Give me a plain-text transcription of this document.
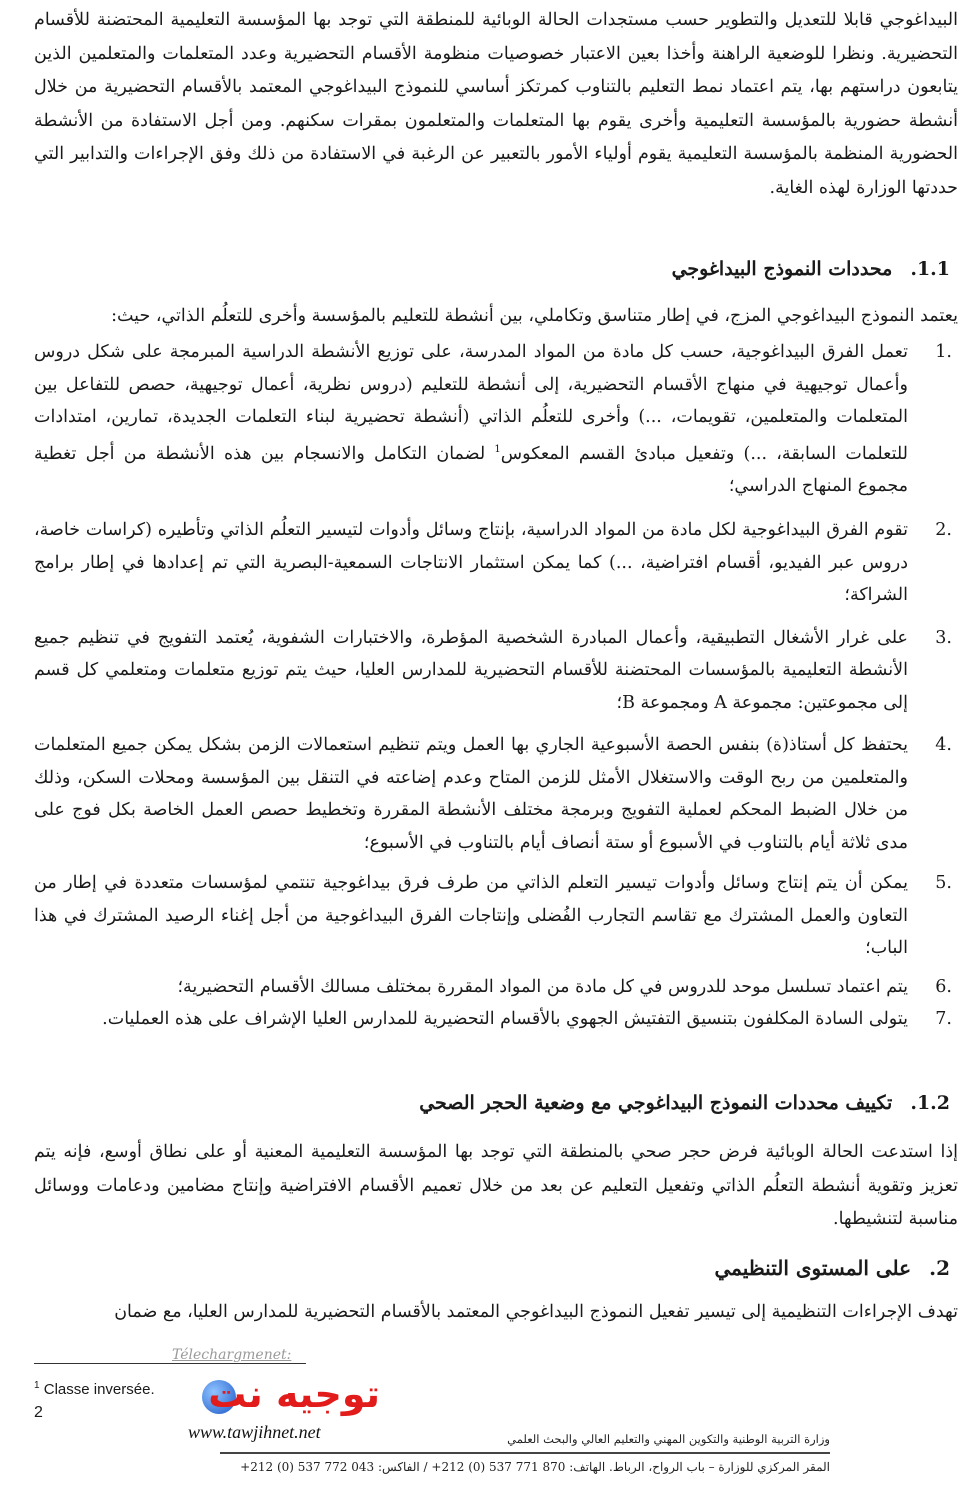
البيداغوجي قابلا للتعديل والتطوير حسب مستجدات الحالة الوبائية للمنطقة التي توجد بها المؤسسة التعليمية المحتضنة للأقسام التحضيرية. ونظرا للوضعية الراهنة وأخذا بعين الاعتبار خصوصيات منظومة الأقسام التحضيرية وعدد المتعلمات والمتعلمين الذين يتابعون دراستهم بها، يتم اعتماد نمط التعليم بالتناوب كمرتكز أساسي للنموذج البيداغوجي المعتمد بالأقسام التحضيرية من خلال أنشطة حضورية بالمؤسسة التعليمية وأخرى يقوم بها المتعلمات والمتعلمون بمقرات سكنهم. ومن أجل الاستفادة من الأنشطة الحضورية المنظمة بالمؤسسة التعليمية يقوم أولياء الأمور بالتعبير عن الرغبة في الاستفادة من ذلك وفق الإجراءات والتدابير التي حددتها الوزارة لهذه الغاية.

1.1.محددات النموذج البيداغوجي

يعتمد النموذج البيداغوجي المزج، في إطار متناسق وتكاملي، بين أنشطة للتعليم بالمؤسسة وأخرى للتعلُم الذاتي، حيث:

.1
تعمل الفرق البيداغوجية، حسب كل مادة من المواد المدرسة، على توزيع الأنشطة الدراسية المبرمجة على شكل دروس وأعمال توجيهية في منهاج الأقسام التحضيرية، إلى أنشطة للتعليم (دروس نظرية، أعمال توجيهية، حصص للتفاعل بين المتعلمات والمتعلمين، تقويمات، ...) وأخرى للتعلُم الذاتي (أنشطة تحضيرية لبناء التعلمات الجديدة، تمارين، امتدادات للتعلمات السابقة، ...) وتفعيل مبادئ القسم المعكوس$^1$ لضمان التكامل والانسجام بين هذه الأنشطة من أجل تغطية مجموع المنهاج الدراسي؛
.2
تقوم الفرق البيداغوجية لكل مادة من المواد الدراسية، بإنتاج وسائل وأدوات لتيسير التعلُم الذاتي وتأطيره (كراسات خاصة، دروس عبر الفيديو، أقسام افتراضية، ...) كما يمكن استثمار الانتاجات السمعية-البصرية التي تم إعدادها في إطار برامج الشراكة؛
.3
على غرار الأشغال التطبيقية، وأعمال المبادرة الشخصية المؤطرة، والاختبارات الشفوية، يُعتمد التفويج في تنظيم جميع الأنشطة التعليمية بالمؤسسات المحتضنة للأقسام التحضيرية للمدارس العليا، حيث يتم توزيع متعلمات ومتعلمي كل قسم إلى مجموعتين: مجموعة A ومجموعة B؛
.4
يحتفظ كل أستاذ(ة) بنفس الحصة الأسبوعية الجاري بها العمل ويتم تنظيم استعمالات الزمن بشكل يمكن جميع المتعلمات والمتعلمين من ربح الوقت والاستغلال الأمثل للزمن المتاح وعدم إضاعته في التنقل بين المؤسسة ومحلات السكن، وذلك من خلال الضبط المحكم لعملية التفويج وبرمجة مختلف الأنشطة المقررة وتخطيط حصص العمل الخاصة بكل فوج على مدى ثلاثة أيام بالتناوب في الأسبوع أو ستة أنصاف أيام بالتناوب في الأسبوع؛
.5
يمكن أن يتم إنتاج وسائل وأدوات تيسير التعلم الذاتي من طرف فرق بيداغوجية تنتمي لمؤسسات متعددة في إطار من التعاون والعمل المشترك مع تقاسم التجارب الفُضلى وإنتاجات الفرق البيداغوجية من أجل إغناء الرصيد المشترك في هذا الباب؛
.6
يتم اعتماد تسلسل موحد للدروس في كل مادة من المواد المقررة بمختلف مسالك الأقسام التحضيرية؛
.7
يتولى السادة المكلفون بتنسيق التفتيش الجهوي بالأقسام التحضيرية للمدارس العليا الإشراف على هذه العمليات.
1.2.تكييف محددات النموذج البيداغوجي مع وضعية الحجر الصحي

إذا استدعت الحالة الوبائية فرض حجر صحي بالمنطقة التي توجد بها المؤسسة التعليمية المعنية أو على نطاق أوسع، فإنه يتم تعزيز وتقوية أنشطة التعلُم الذاتي وتفعيل التعليم عن بعد من خلال تعميم الأقسام الافتراضية وإنتاج مضامين ودعامات ووسائل مناسبة لتنشيطها.

2.على المستوى التنظيمي

تهدف الإجراءات التنظيمية إلى تيسير تفعيل النموذج البيداغوجي المعتمد بالأقسام التحضيرية للمدارس العليا، مع ضمان

Télechargmenet:
$^1$ Classe inversée.
2	توجيه نت
www.tawjihnet.net	وزارة التربية الوطنية والتكوين المهني والتعليم العالي والبحث العلمي
المقر المركزي للوزارة – باب الرواح، الرباط. الهاتف: 870 771 537 (0) 212+ / الفاكس: 043 772 537 (0) 212+
